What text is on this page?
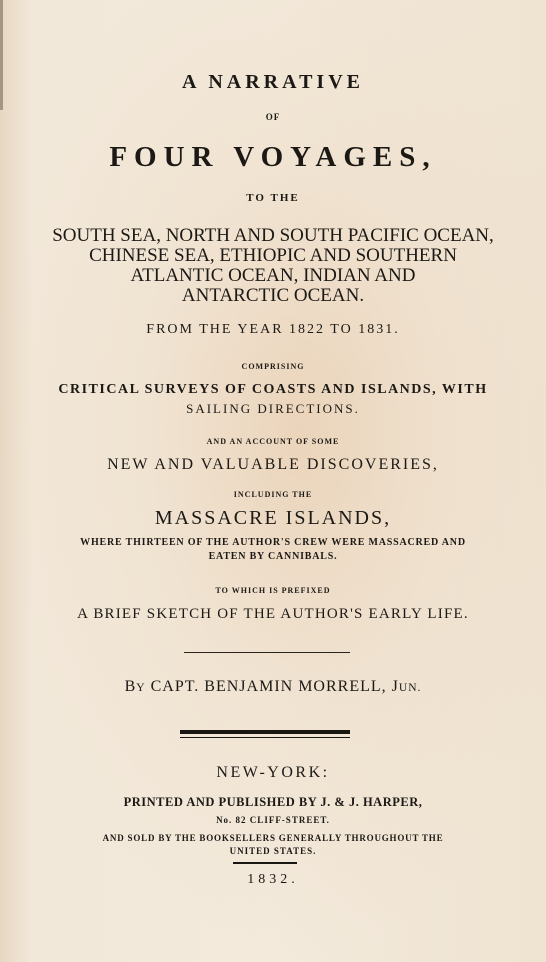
A NARRATIVE
OF
FOUR VOYAGES,
TO THE
SOUTH SEA, NORTH AND SOUTH PACIFIC OCEAN,
CHINESE SEA, ETHIOPIC AND SOUTHERN
ATLANTIC OCEAN, INDIAN AND
ANTARCTIC OCEAN.
FROM THE YEAR 1822 TO 1831.
COMPRISING
CRITICAL SURVEYS OF COASTS AND ISLANDS, WITH
SAILING DIRECTIONS.
AND AN ACCOUNT OF SOME
NEW AND VALUABLE DISCOVERIES,
INCLUDING THE
MASSACRE ISLANDS,
WHERE THIRTEEN OF THE AUTHOR'S CREW WERE MASSACRED AND
EATEN BY CANNIBALS.
TO WHICH IS PREFIXED
A BRIEF SKETCH OF THE AUTHOR'S EARLY LIFE.
BY CAPT. BENJAMIN MORRELL, JUN.
NEW-YORK:
PRINTED AND PUBLISHED BY J. & J. HARPER,
No. 82 CLIFF-STREET.
AND SOLD BY THE BOOKSELLERS GENERALLY THROUGHOUT THE
UNITED STATES.
1832.
